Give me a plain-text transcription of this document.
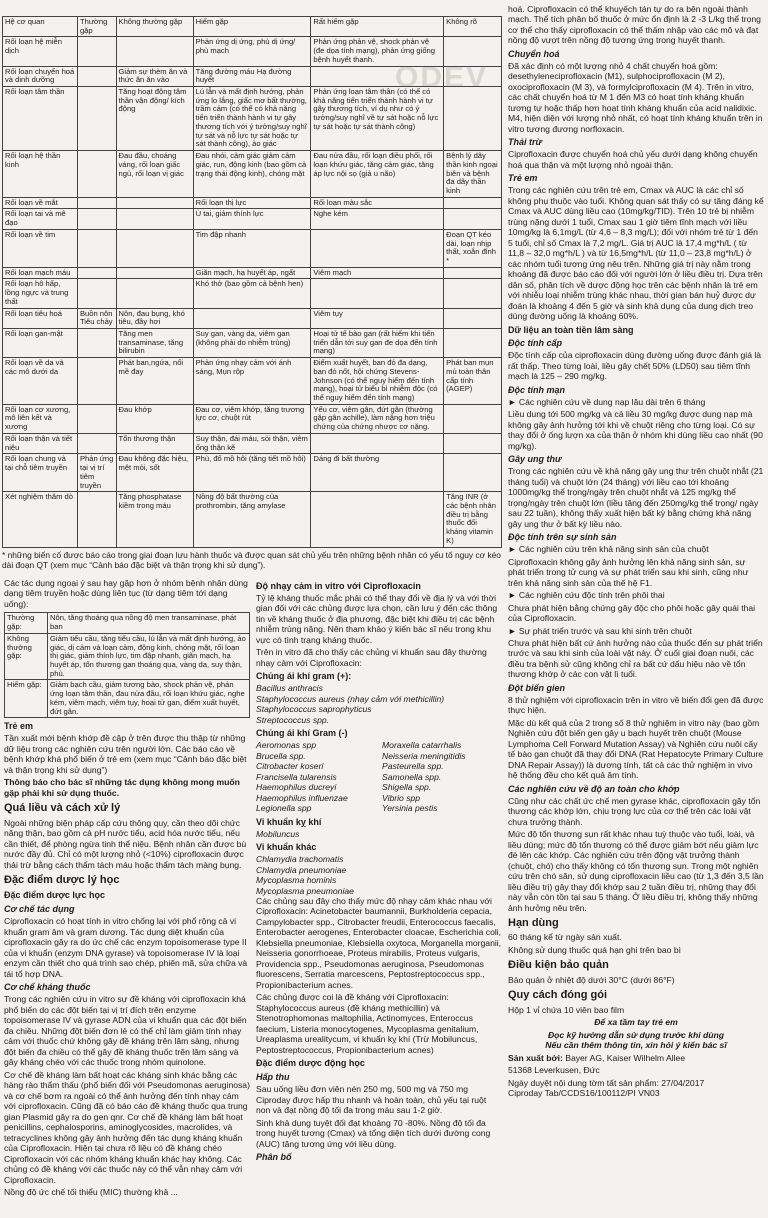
ODEV
Hệ cơ quan	Thường gặp	Không thường gặp	Hiếm gặp	Rất hiếm gặp	Không rõ
Rối loạn hệ miễn dịch			Phản ứng dị ứng, phù dị ứng/ phù mạch	Phản ứng phản vệ, shock phản vệ (đe dọa tính mạng), phản ứng giống bệnh huyết thanh.	
Rối loạn chuyển hoá và dinh dưỡng		Giảm sự thèm ăn và thức ăn ăn vào	Tăng đường máu Hạ đường huyết		
Rối loạn tâm thần		Tăng hoạt động tâm thần vận động/ kích động	Lú lẫn và mất định hướng, phản ứng lo lắng, giấc mơ bất thường, trầm cảm (có thể có khả năng tiến triển thành hành vi tự gây thương tích với ý tưởng/suy nghĩ tự sát và nỗ lực tự sát hoặc tự sát thành công), ảo giác	Phản ứng loạn tâm thần (có thể có khả năng tiến triển thành hành vi tự gây thương tích, ví dụ như có ý tưởng/suy nghĩ về tự sát hoặc nỗ lực tự sát hoặc tự sát thành công)	
Rối loạn hệ thần kinh		Đau đầu, choáng váng, rối loạn giấc ngủ, rối loạn vị giác	Đau nhói, cảm giác giảm cảm giác, run, động kinh (bao gồm cả trạng thái động kinh), chóng mặt	Đau nửa đầu, rối loạn điều phối, rối loạn khứu giác, tăng cảm giác, tăng áp lực nội sọ (giả u não)	Bệnh lý dây thần kinh ngoại biên và bệnh đa dây thần kinh
Rối loạn về mắt			Rối loạn thị lực	Rối loạn màu sắc	
Rối loạn tai và mê đạo			Ù tai, giảm thính lực	Nghe kém	
Rối loạn về tim			Tim đập nhanh		Đoạn QT kéo dài, loạn nhịp thất, xoắn đỉnh *
Rối loạn mạch máu			Giãn mạch, hạ huyết áp, ngất	Viêm mạch	
Rối loạn hô hấp, lồng ngực và trung thất			Khó thở (bao gồm cả bệnh hen)		
Rối loạn tiêu hoá	Buồn nôn Tiêu chảy	Nôn, đau bụng, khó tiêu, đầy hơi		Viêm tụy	
Rối loạn gan-mật		Tăng men transaminase, tăng bilirubin	Suy gan, vàng da, viêm gan (không phải do nhiễm trùng)	Hoại tử tế bào gan (rất hiếm khi tiến triển dẫn tới suy gan đe dọa đến tính mạng)	
Rối loạn về da và các mô dưới da		Phát ban,ngứa, nổi mề đay	Phản ứng nhạy cảm với ánh sáng, Mụn rộp	Điểm xuất huyết, ban đỏ đa dạng, ban đỏ nốt, hội chứng Stevens-Johnson (có thể nguy hiểm đến tính mạng), hoại tử biểu bì nhiễm độc (có thể nguy hiểm đến tính mạng)	Phát ban mụn mủ toàn thân cấp tính (AGEP)
Rối loạn cơ xương, mô liên kết và xương		Đau khớp	Đau cơ, viêm khớp, tăng trương lực cơ, chuột rút	Yếu cơ, viêm gân, đứt gân (thường gặp gân achille), làm nặng hơn triệu chứng của chứng nhược cơ nặng.	
Rối loạn thận và tiết niệu		Tổn thương thận	Suy thận, đái máu, sỏi thận, viêm ống thận kẽ		
Rối loạn chung và tại chỗ tiêm truyền	Phản ứng tại vị trí tiêm truyền	Đau không đặc hiệu, mệt mỏi, sốt	Phù, đổ mồ hôi (tăng tiết mồ hôi)	Dáng đi bất thường	
Xét nghiệm thăm dò		Tăng phosphatase kiềm trong máu	Nồng độ bất thường của prothrombin, tăng amylase		Tăng INR (ở các bệnh nhân điều trị bằng thuốc đối kháng vitamin K)

* những biến cố được báo cáo trong giai đoạn lưu hành thuốc và được quan sát chủ yếu trên những bệnh nhân có yếu tố nguy cơ kéo dài đoạn QT (xem mục “Cảnh báo đặc biệt và thận trọng khi sử dụng”).

Các tác dụng ngoại ý sau hay gặp hơn ở nhóm bệnh nhân dùng dạng tiêm truyền hoặc dùng liên tục (từ dạng tiêm tới dạng uống):

Thường gặp:	Nôn, tăng thoáng qua nồng độ men transaminase, phát ban
Không thường gặp:	Giảm tiểu cầu, tăng tiểu cầu, lú lẫn và mất định hướng, ảo giác, dị cảm và loạn cảm, động kinh, chóng mặt, rối loạn thị giác, giảm thính lực, tim đập nhanh, giãn mạch, hạ huyết áp, tổn thương gan thoáng qua, vàng da, suy thận, phù.
Hiếm gặp:	Giảm bạch cầu, giảm tương bào, shock phản vệ, phản ứng loạn tâm thần, đau nửa đầu, rối loạn khứu giác, nghe kém, viêm mạch, viêm tụy, hoại tử gan, điểm xuất huyết, đứt gân.
Trẻ em

Tần xuất mới bệnh khớp đề cập ở trên được thu thập từ những dữ liệu trong các nghiên cứu trên người lớn. Các báo cáo về bệnh khớp khá phổ biến ở trẻ em (xem mục “Cảnh báo đặc biệt và thận trọng khi sử dụng”)

Thông báo cho bác sĩ những tác dụng không mong muốn gặp phải khi sử dụng thuốc.

Quá liều và cách xử lý

Ngoài những biện pháp cấp cứu thông quy, cần theo dõi chức năng thận, bao gồm cả pH nước tiểu, acid hóa nước tiểu, nếu cần thiết, để phòng ngừa tinh thể niệu. Bệnh nhân cần được bù nước đầy đủ. Chỉ có một lượng nhỏ (<10%) ciprofloxacin được thải trừ bằng cách thẩm tách máu hoặc thẩm tách màng bụng.

Đặc điểm dược lý học
Đặc điểm dược lực học
Cơ chế tác dụng

Ciprofloxacin có hoạt tính in vitro chống lại với phổ rộng cả vi khuẩn gram âm và gram dương. Tác dụng diệt khuẩn của ciprofloxacin gây ra do ức chế các enzym topoisomerase type II của vi khuẩn (enzym DNA gyrase) và topoisomerase IV là loại enzym cần thiết cho quá trình sao chép, phiên mã, sửa chữa và tái tổ hợp DNA.

Cơ chế kháng thuốc

Trong các nghiên cứu in vitro sự đề kháng với ciprofloxacin khá phổ biến do các đột biến tại vị trí đích trên enzyme topoisomerase IV và gyrase ADN của vi khuẩn qua các đột biến đa chiều. Những đột biến đơn lẻ có thể chỉ làm giảm tính nhạy cảm với thuốc chứ không gây đề kháng trên lâm sàng, nhưng đột biến đa chiều có thể gây đề kháng thuốc trên lâm sàng và gây kháng chéo với các thuốc trong nhóm quinolone.

Cơ chế đề kháng làm bất hoạt các kháng sinh khác bằng các hàng rào thẩm thấu (phổ biến đối với Pseudomonas aeruginosa) và cơ chế bơm ra ngoài có thể ảnh hưởng đến tính nhạy cảm với ciprofloxacin. Cũng đã có báo cáo đề kháng thuốc qua trung gian Plasmid gây ra do gen qnr. Cơ chế đề kháng làm bất hoạt penicillins, cephalosporins, aminoglycosides, macrolides, và tetracyclines không gây ảnh hưởng đến tác dụng kháng khuẩn của Ciprofloxacin. Hiện tại chưa rõ liệu có đề kháng chéo Ciprofloxacin với các nhóm kháng khuẩn khác hay không. Các chủng có đề kháng với các thuốc này có thể vẫn nhạy cảm với Ciprofloxacin.

Nồng độ ức chế tối thiểu (MIC) thường khả ...

Độ nhạy cảm in vitro với Ciprofloxacin

Tỷ lệ kháng thuốc mắc phải có thể thay đổi về địa lý và với thời gian đối với các chủng được lựa chọn, cần lưu ý đến các thông tin về kháng thuốc ở địa phương, đặc biệt khi điều trị các bệnh nhiễm trùng nặng. Nên tham khảo ý kiến bác sĩ nếu trong khu vực có tình trạng kháng thuốc.

Trên in vitro đã cho thấy các chủng vi khuẩn sau đây thường nhạy cảm với Ciprofloxacin:

Chủng ái khí gram (+):
Bacillus anthracis
Staphylococcus aureus (nhạy cảm với methicillin)
Staphylococcus saprophyticus
Streptococcus spp.
Chủng ái khí Gram (-)
Aeromonas spp
Brucella spp.
Citrobacter koseri
Francisella tularensis
Haemophilus ducreyi
Haemophilus influenzae
Legionella spp
Moraxella catarrhalis
Neisseria meningitidis
Pasteurella spp.
Samonella spp.
Shigella spp.
Vibrio spp
Yersinia pestis
Vi khuẩn kỵ khí
Mobiluncus
Vi khuẩn khác
Chlamydia trachomatis
Chlamydia pneumoniae
Mycoplasma hominis
Mycoplasma pneumoniae

Các chủng sau đây cho thấy mức độ nhạy cảm khác nhau với Ciprofloxacin: Acinetobacter baumannii, Burkholderia cepacia, Campylobacter spp., Citrobacter freudii, Enterococcus faecalis, Enterobacter aerogenes, Enterobacter cloacae, Escherichia coli, Klebsiella pneumoniae, Klebsiella oxytoca, Morganella morganii, Neisseria gonorrhoeae, Proteus mirabilis, Proteus vulgaris, Providencia spp., Pseudomonas aeruginosa, Pseudomonas fluorescens, Serratia marcescens, Peptostreptococcus spp., Propionibacterium acnes.

Các chủng được coi là đề kháng với Ciprofloxacin: Staphylococcus aureus (đề kháng methicillin) và Stenotrophomonas maltophilia, Actinomyces, Enteroccus faecium, Listeria monocytogenes, Mycoplasma genitalium, Ureaplasma urealitycum, vi khuẩn kỵ khí (Trừ Mobiluncus, Peptostreptococcus, Propionibacterium acnes)

Đặc điểm dược động học
Hấp thu

Sau uống liều đơn viên nén 250 mg, 500 mg và 750 mg Ciproday được hấp thu nhanh và hoàn toàn, chủ yếu tại ruột non và đạt nồng độ tối đa trong máu sau 1-2 giờ.

Sinh khả dụng tuyệt đối đạt khoảng 70 -80%. Nồng độ tối đa trong huyết tương (Cmax) và tổng diện tích dưới đường cong (AUC) tăng tương ứng với liều dùng.

Phân bố

hoá. Ciprofloxacin có thể khuyếch tán tự do ra bên ngoài thành mạch. Thể tích phân bố thuốc ở mức ổn định là 2 -3 L/kg thể trọng cơ thể cho thấy ciprofloxacin có thể thấm nhập vào các mô và đạt nồng độ vượt trên nồng độ tương ứng trong huyết thanh.

Chuyển hoá

Đã xác định có một lượng nhỏ 4 chất chuyển hoá gồm: desethyleneciprofloxacin (M1), sulphociprofloxacin (M 2), oxociprofloxacin (M 3), và formylciprofloxacin (M 4). Trên in vitro, các chất chuyển hoá từ M 1 đến M3 có hoạt tính kháng khuẩn tương tự hoặc thấp hơn hoạt tính kháng khuẩn của acid nalidixic. M4, hiện diện với lượng nhỏ nhất, có hoạt tính kháng khuẩn trên in vitro tương đương norfloxacin.

Thải trừ

Ciprofloxacin được chuyển hoá chủ yếu dưới dạng không chuyển hoá qua thận và một lượng nhỏ ngoài thận.

Trẻ em

Trong các nghiên cứu trên trẻ em, Cmax và AUC là các chỉ số không phụ thuộc vào tuổi. Không quan sát thấy có sự tăng đáng kể Cmax và AUC dùng liều cao (10mg/kg/TID). Trên 10 trẻ bị nhiễm trùng nặng dưới 1 tuổi, Cmax sau 1 giờ tiêm tĩnh mạch với liều 10mg/kg là 6,1mg/L (từ 4,6 – 8,3 mg/L); đối với nhóm trẻ từ 1 đến 5 tuổi, chỉ số Cmax là 7,2 mg/L. Giá trị AUC là 17,4 mg*h/L ( từ 11,8 – 32,0 mg*h/L ) và từ 16,5mg*h/L (từ 11,0 – 23,8 mg*h/L) ở các nhóm tuổi tương ứng nêu trên. Những giá trị này nằm trong khoảng đã được báo cáo đối với người lớn ở liều điều trị. Dựa trên dân số, phân tích về dược động học trên các bệnh nhân là trẻ em với nhiễu loại nhiễm trùng khác nhau, thời gian bán huỷ được dự đoán là khoảng 4 đến 5 giờ và sinh khả dụng của dung dịch treo dùng đường uống là khoảng 60%.

Dữ liệu an toàn tiền lâm sàng
Độc tính cấp

Độc tính cấp của ciprofloxacin dùng đường uống được đánh giá là rất thấp. Theo từng loài, liều gây chết 50% (LD50) sau tiêm tĩnh mạch là 125 – 290 mg/kg.

Độc tính mạn

► Các nghiên cứu về dung nạp lâu dài trên 6 tháng

Liều dung tới 500 mg/kg và cả liều 30 mg/kg được dung nạp mà không gây ảnh hưởng tới khi về chuột riêng cho từng loại. Có sự thay đổi ở ống lượn xa của thận ở nhóm khi dùng liều cao nhất (90 mg/kg).

Gây ung thư

Trong các nghiên cứu về khả năng gây ung thư trên chuột nhắt (21 tháng tuổi) và chuột lớn (24 tháng) với liều cao tới khoảng 1000mg/kg thể trọng/ngày trên chuột nhắt và 125 mg/kg thể trọng/ngày trên chuột lớn (liều tăng đến 250mg/kg thể trọng/ ngày sau 22 tuần), không thấy xuất hiện bất kỳ bằng chứng khả năng gây ung thư ở bất kỳ liều nào.

Độc tính trên sự sinh sản

► Các nghiên cứu trên khả năng sinh sản của chuột

Ciprofloxacin không gây ảnh hưởng lên khả năng sinh sản, sự phát triển trong tử cung và sự phát triển sau khi sinh, cũng như trên khả năng sinh sản của thế hệ F1.

► Các nghiên cứu độc tính trên phôi thai

Chưa phát hiện bằng chứng gây độc cho phôi hoặc gây quái thai của Ciprofloxacin.

► Sự phát triển trước và sau khi sinh trên chuột

Chưa phát hiện bất cứ ảnh hưởng nào của thuốc đến sự phát triển trước và sau khi sinh của loài vật này. Ở cuối giai đoạn nuôi, các điều tra bệnh sử cũng không chỉ ra bất cứ dấu hiệu nào về tổn thương khớp ở các con vật lì tuổi.

Đột biến gien

8 thử nghiệm với ciprofloxacin trên in vitro về biến đổi gen đã được thực hiện.

Mặc dù kết quả của 2 trong số 8 thử nghiệm in vitro này (bao gồm Nghiên cứu đột biến gen gây u bạch huyết trên chuột (Mouse Lymphoma Cell Forward Mutation Assay) và Nghiên cứu nuôi cấy tế bào gan chuột đã thay đổi DNA (Rat Hepatocyte Primary Culture DNA Repair Assay)) là dương tính, tất cả các thử nghiệm in vivo hệ thống đều cho kết quả âm tính.

Các nghiên cứu về độ an toàn cho khớp

Cũng như các chất ức chế men gyrase khác, ciprofloxacin gây tổn thương các khớp lớn, chịu trọng lực của cơ thể trên các loài vật chưa trưởng thành.

Mức độ tổn thương sụn rất khác nhau tuỳ thuộc vào tuổi, loài, và liều dùng; mức độ tổn thương có thể được giảm bớt nếu giảm lực đè lên các khớp. Các nghiên cứu trên động vật trưởng thành (chuột, chó) cho thấy không có tổn thương sụn. Trong một nghiên cứu trên chó săn, sử dụng ciprofloxacin liều cao (từ 1,3 đến 3,5 lần liều điều trị) gây thay đổi khớp sau 2 tuần điều trị, những thay đổi này vẫn còn tồn tại sau 5 tháng. Ở liều điều trị, không thấy những ảnh hưởng nêu trên.

Hạn dùng

60 tháng kể từ ngày sản xuất.

Không sử dụng thuốc quá hạn ghi trên bao bì

Điều kiện bảo quản

Bảo quản ở nhiệt độ dưới 30°C (dưới 86°F)

Quy cách đóng gói

Hộp 1 vỉ chứa 10 viên bao film

Để xa tầm tay trẻ em

Đọc kỹ hướng dẫn sử dụng trước khi dùng

Nếu cần thêm thông tin, xin hỏi ý kiến bác sĩ

Sản xuất bởi: Bayer AG, Kaiser Wilhelm Allee

51368 Leverkusen, Đức

Ngày duyệt nội dung tờm tất sản phẩm: 27/04/2017

Ciproday Tab/CCDS16/100112/PI VN03
